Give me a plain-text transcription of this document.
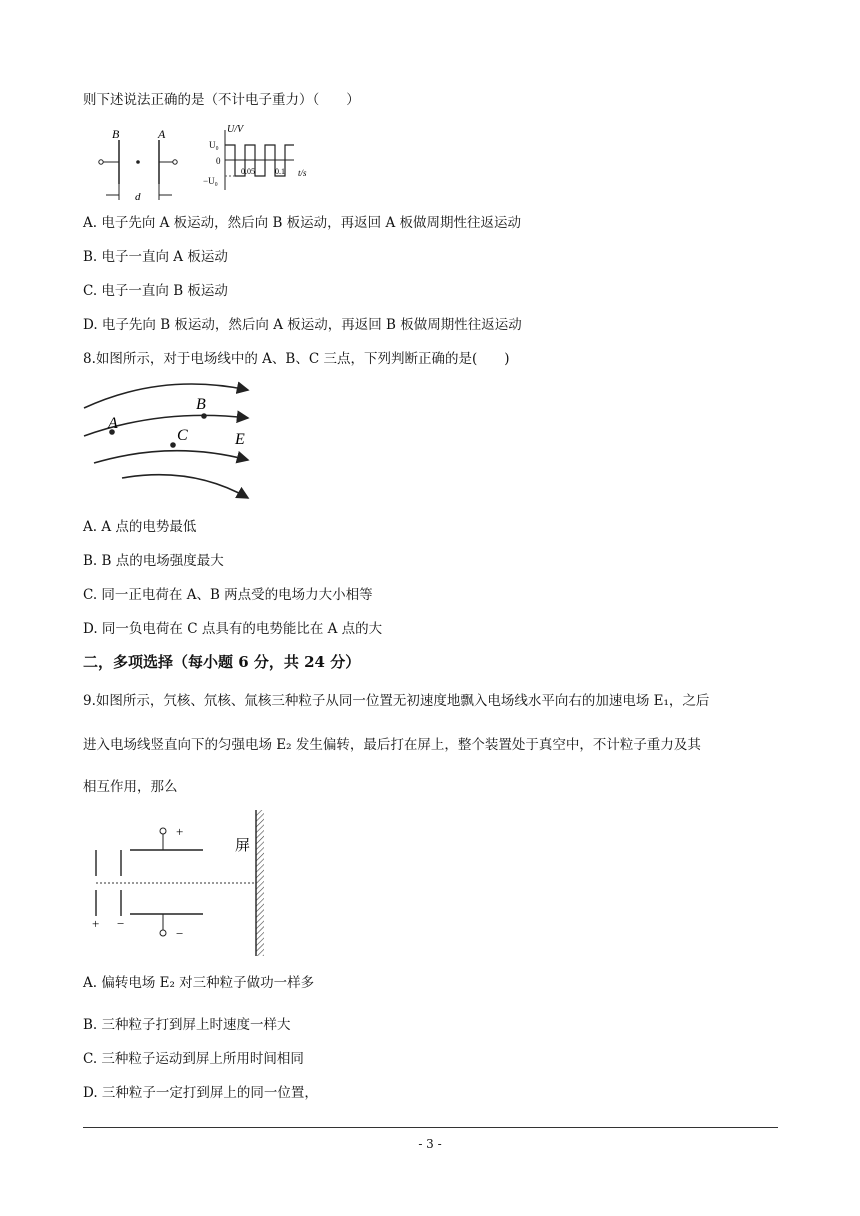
则下述说法正确的是（不计电子重力）（　　）
B	A
d
U/V
U₀
0
−U₀
0.05	0.1 t/s
A. 电子先向 A 板运动，然后向 B 板运动，再返回 A 板做周期性往返运动
B. 电子一直向 A 板运动
C. 电子一直向 B 板运动
D. 电子先向 B 板运动，然后向 A 板运动，再返回 B 板做周期性往返运动
8.如图所示，对于电场线中的 A、B、C 三点，下列判断正确的是(　　)
A
B
C	E
A. A 点的电势最低
B. B 点的电场强度最大
C. 同一正电荷在 A、B 两点受的电场力大小相等
D. 同一负电荷在 C 点具有的电势能比在 A 点的大
二，多项选择（每小题 6 分，共 24 分）
9.如图所示，氕核、氘核、氚核三种粒子从同一位置无初速度地飘入电场线水平向右的加速电场 E₁，之后
进入电场线竖直向下的匀强电场 E₂ 发生偏转，最后打在屏上，整个装置处于真空中，不计粒子重力及其
相互作用，那么
+ −
+
−
屏
A. 偏转电场 E₂ 对三种粒子做功一样多
B. 三种粒子打到屏上时速度一样大
C. 三种粒子运动到屏上所用时间相同
D. 三种粒子一定打到屏上的同一位置，
- 3 -
